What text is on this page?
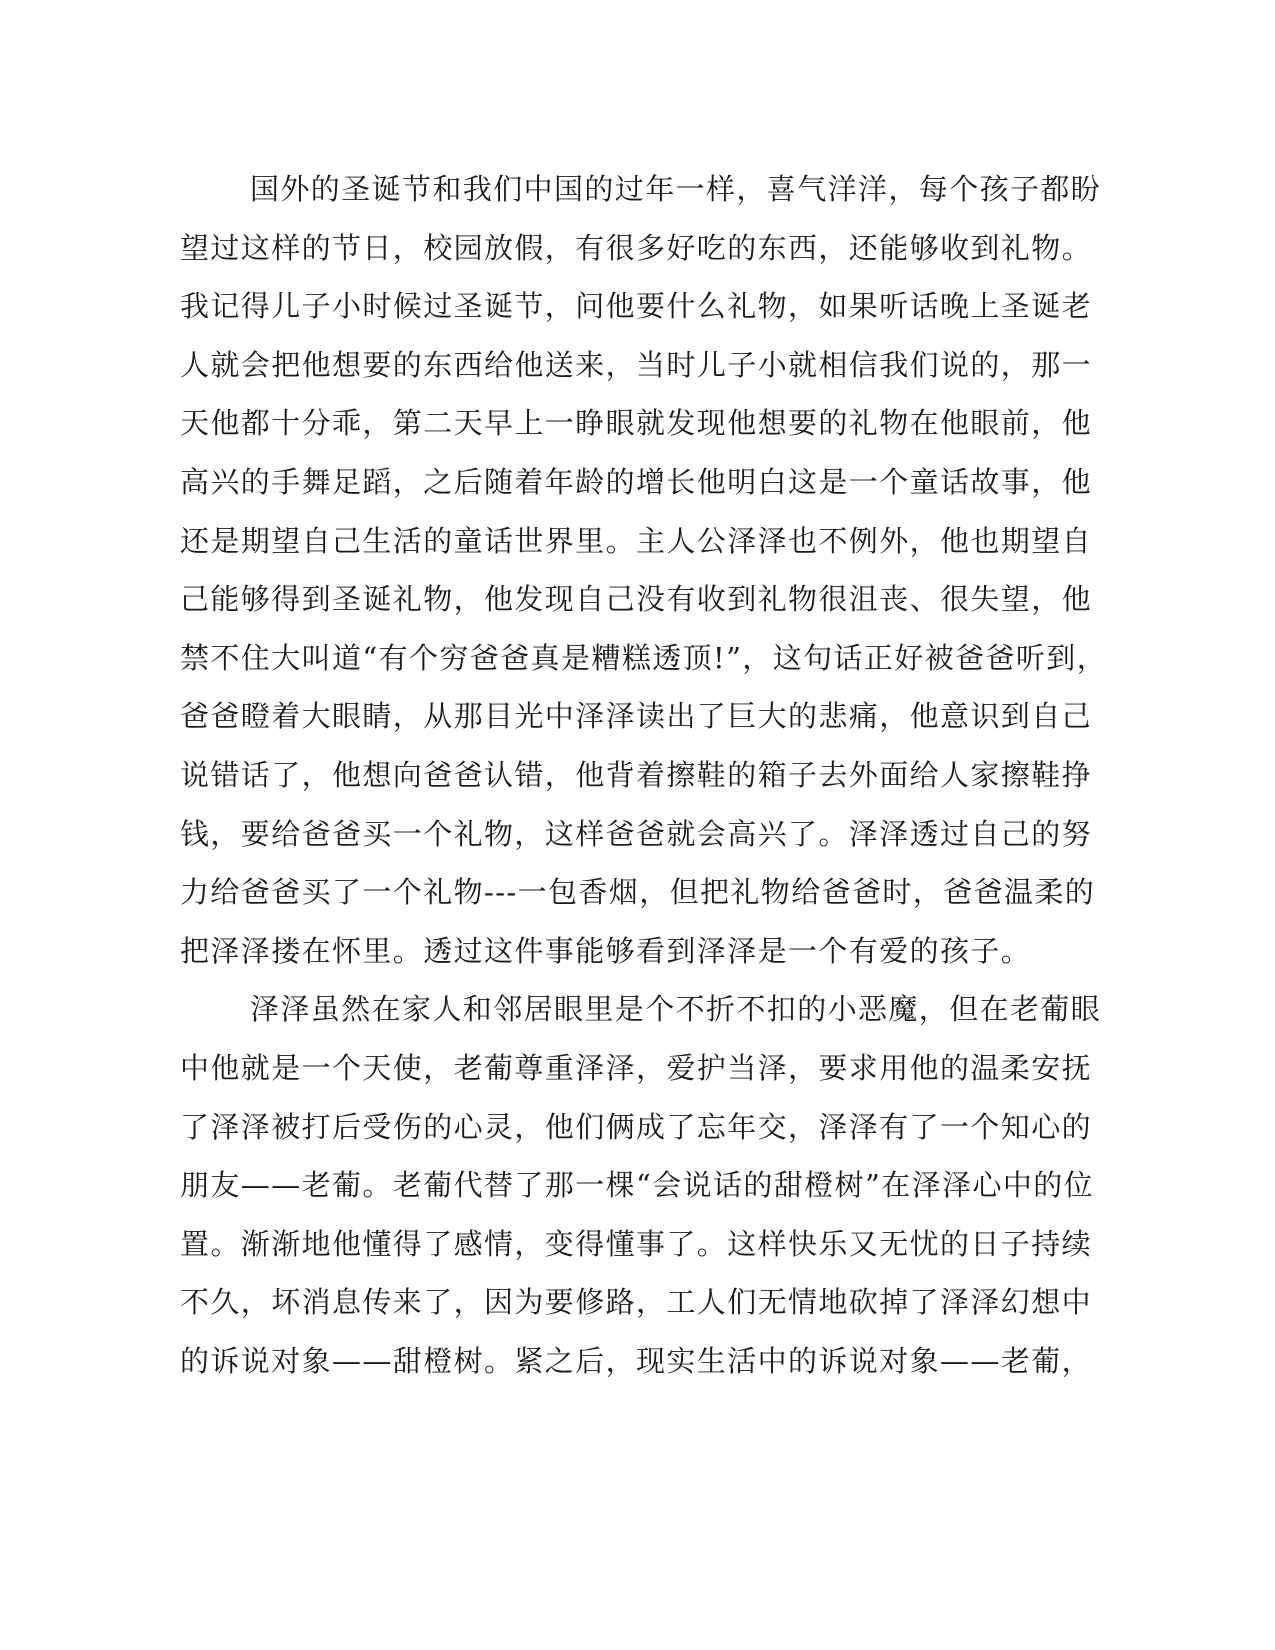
国外的圣诞节和我们中国的过年一样，喜气洋洋，每个孩子都盼
望过这样的节日，校园放假，有很多好吃的东西，还能够收到礼物。
我记得儿子小时候过圣诞节，问他要什么礼物，如果听话晚上圣诞老
人就会把他想要的东西给他送来，当时儿子小就相信我们说的，那一
天他都十分乖，第二天早上一睁眼就发现他想要的礼物在他眼前，他
高兴的手舞足蹈，之后随着年龄的增长他明白这是一个童话故事，他
还是期望自己生活的童话世界里。主人公泽泽也不例外，他也期望自
己能够得到圣诞礼物，他发现自己没有收到礼物很沮丧、很失望，他
禁不住大叫道“有个穷爸爸真是糟糕透顶!”，这句话正好被爸爸听到，
爸爸瞪着大眼睛，从那目光中泽泽读出了巨大的悲痛，他意识到自己
说错话了，他想向爸爸认错，他背着擦鞋的箱子去外面给人家擦鞋挣
钱，要给爸爸买一个礼物，这样爸爸就会高兴了。泽泽透过自己的努
力给爸爸买了一个礼物---一包香烟，但把礼物给爸爸时，爸爸温柔的
把泽泽搂在怀里。透过这件事能够看到泽泽是一个有爱的孩子。
泽泽虽然在家人和邻居眼里是个不折不扣的小恶魔，但在老葡眼
中他就是一个天使，老葡尊重泽泽，爱护当泽，要求用他的温柔安抚
了泽泽被打后受伤的心灵，他们俩成了忘年交，泽泽有了一个知心的
朋友——老葡。老葡代替了那一棵“会说话的甜橙树”在泽泽心中的位
置。渐渐地他懂得了感情，变得懂事了。这样快乐又无忧的日子持续
不久，坏消息传来了，因为要修路，工人们无情地砍掉了泽泽幻想中
的诉说对象——甜橙树。紧之后，现实生活中的诉说对象——老葡，
